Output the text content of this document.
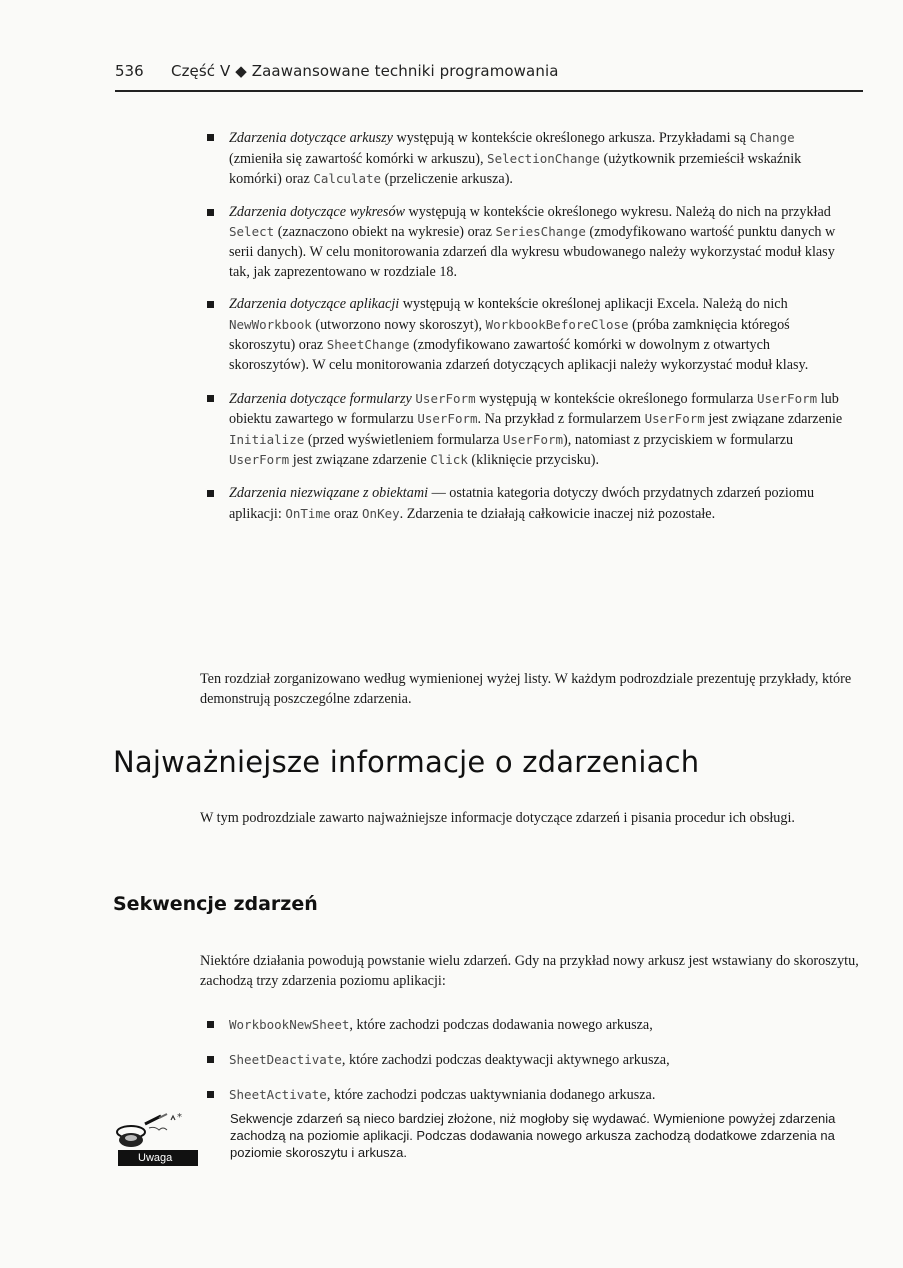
536 Część V ◆ Zaawansowane techniki programowania
Zdarzenia dotyczące arkuszy występują w kontekście określonego arkusza. Przykładami są Change (zmieniła się zawartość komórki w arkuszu), SelectionChange (użytkownik przemieścił wskaźnik komórki) oraz Calculate (przeliczenie arkusza).
Zdarzenia dotyczące wykresów występują w kontekście określonego wykresu. Należą do nich na przykład Select (zaznaczono obiekt na wykresie) oraz SeriesChange (zmodyfikowano wartość punktu danych w serii danych). W celu monitorowania zdarzeń dla wykresu wbudowanego należy wykorzystać moduł klasy tak, jak zaprezentowano w rozdziale 18.
Zdarzenia dotyczące aplikacji występują w kontekście określonej aplikacji Excela. Należą do nich NewWorkbook (utworzono nowy skoroszyt), WorkbookBeforeClose (próba zamknięcia któregoś skoroszytu) oraz SheetChange (zmodyfikowano zawartość komórki w dowolnym z otwartych skoroszytów). W celu monitorowania zdarzeń dotyczących aplikacji należy wykorzystać moduł klasy.
Zdarzenia dotyczące formularzy UserForm występują w kontekście określonego formularza UserForm lub obiektu zawartego w formularzu UserForm. Na przykład z formularzem UserForm jest związane zdarzenie Initialize (przed wyświetleniem formularza UserForm), natomiast z przyciskiem w formularzu UserForm jest związane zdarzenie Click (kliknięcie przycisku).
Zdarzenia niezwiązane z obiektami — ostatnia kategoria dotyczy dwóch przydatnych zdarzeń poziomu aplikacji: OnTime oraz OnKey. Zdarzenia te działają całkowicie inaczej niż pozostałe.

Ten rozdział zorganizowano według wymienionej wyżej listy. W każdym podrozdziale prezentuję przykłady, które demonstrują poszczególne zdarzenia.

Najważniejsze informacje o zdarzeniach

W tym podrozdziale zawarto najważniejsze informacje dotyczące zdarzeń i pisania procedur ich obsługi.

Sekwencje zdarzeń

Niektóre działania powodują powstanie wielu zdarzeń. Gdy na przykład nowy arkusz jest wstawiany do skoroszytu, zachodzą trzy zdarzenia poziomu aplikacji:

WorkbookNewSheet, które zachodzi podczas dodawania nowego arkusza,
SheetDeactivate, które zachodzi podczas deaktywacji aktywnego arkusza,
SheetActivate, które zachodzi podczas uaktywniania dodanego arkusza.
*
Uwaga

Sekwencje zdarzeń są nieco bardziej złożone, niż mogłoby się wydawać. Wymienione powyżej zdarzenia zachodzą na poziomie aplikacji. Podczas dodawania nowego arkusza zachodzą dodatkowe zdarzenia na poziomie skoroszytu i arkusza.
